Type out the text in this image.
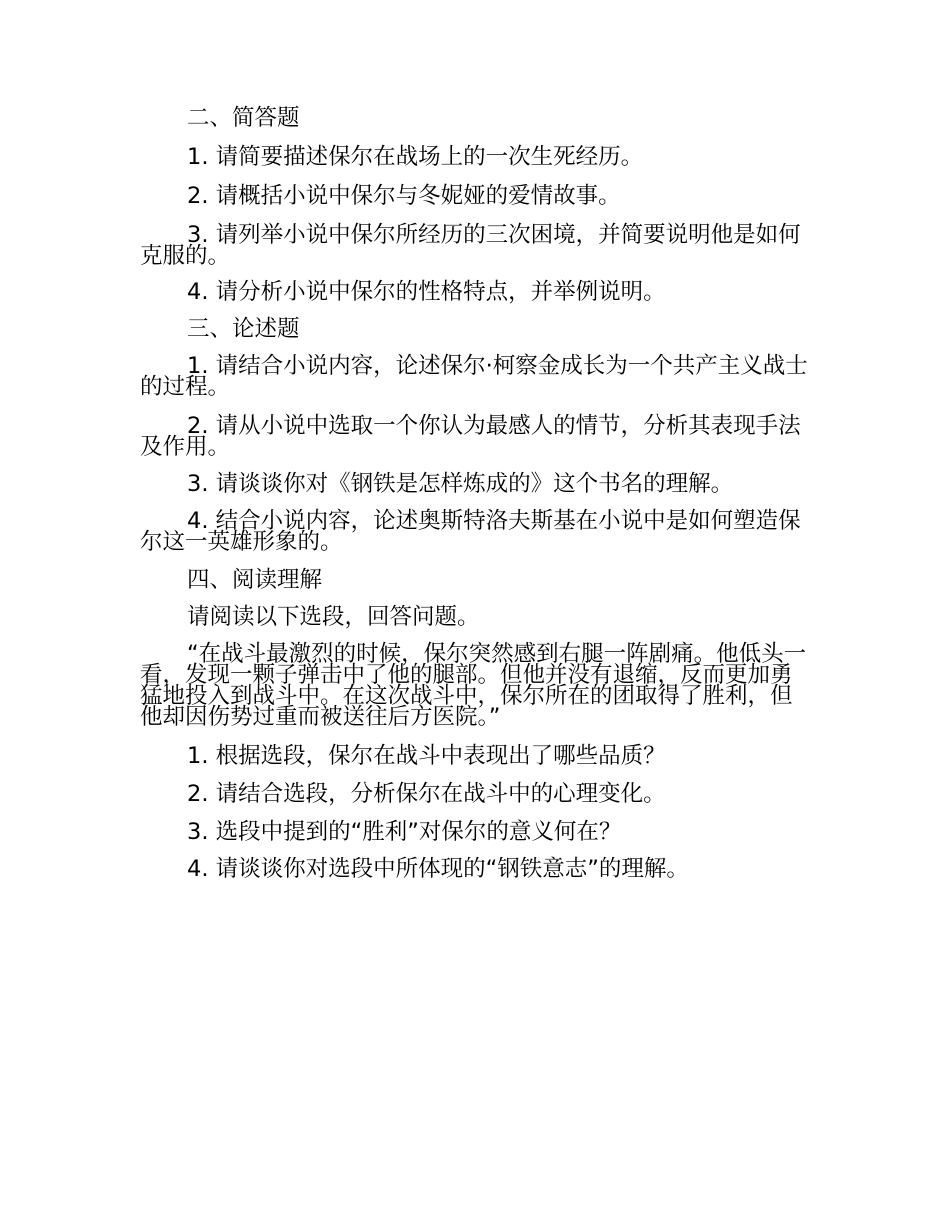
二、简答题

1. 请简要描述保尔在战场上的一次生死经历。

2. 请概括小说中保尔与冬妮娅的爱情故事。

3. 请列举小说中保尔所经历的三次困境，并简要说明他是如何克服的。

4. 请分析小说中保尔的性格特点，并举例说明。

三、论述题

1. 请结合小说内容，论述保尔·柯察金成长为一个共产主义战士的过程。

2. 请从小说中选取一个你认为最感人的情节，分析其表现手法及作用。

3. 请谈谈你对《钢铁是怎样炼成的》这个书名的理解。

4. 结合小说内容，论述奥斯特洛夫斯基在小说中是如何塑造保尔这一英雄形象的。

四、阅读理解

请阅读以下选段，回答问题。

“在战斗最激烈的时候，保尔突然感到右腿一阵剧痛。他低头一看，发现一颗子弹击中了他的腿部。但他并没有退缩，反而更加勇猛地投入到战斗中。在这次战斗中，保尔所在的团取得了胜利，但他却因伤势过重而被送往后方医院。”

1. 根据选段，保尔在战斗中表现出了哪些品质？

2. 请结合选段，分析保尔在战斗中的心理变化。

3. 选段中提到的“胜利”对保尔的意义何在？

4. 请谈谈你对选段中所体现的“钢铁意志”的理解。
